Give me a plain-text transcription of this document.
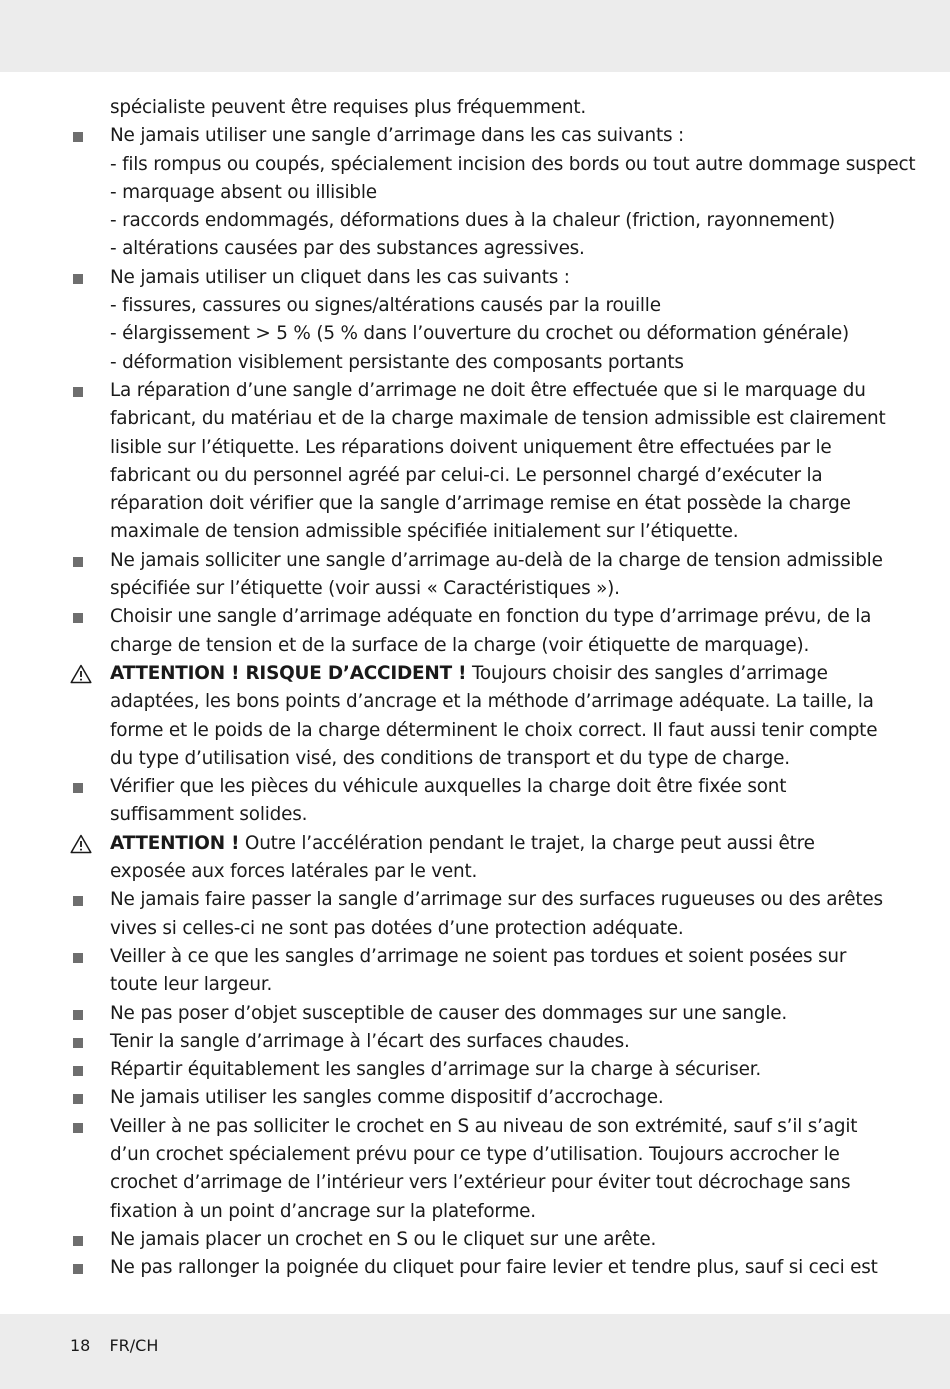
spécialiste peuvent être requises plus fréquemment.
Ne jamais utiliser une sangle d’arrimage dans les cas suivants :
- fils rompus ou coupés, spécialement incision des bords ou tout autre dommage suspect
- marquage absent ou illisible
- raccords endommagés, déformations dues à la chaleur (friction, rayonnement)
- altérations causées par des substances agressives.
Ne jamais utiliser un cliquet dans les cas suivants :
- fissures, cassures ou signes/altérations causés par la rouille
- élargissement > 5 % (5 % dans l’ouverture du crochet ou déformation générale)
- déformation visiblement persistante des composants portants
La réparation d’une sangle d’arrimage ne doit être effectuée que si le marquage du fabricant, du matériau et de la charge maximale de tension admissible est clairement lisible sur l’étiquette. Les réparations doivent uniquement être effectuées par le fabricant ou du personnel agréé par celui-ci. Le personnel chargé d’exécuter la réparation doit vérifier que la sangle d’arrimage remise en état possède la charge maximale de tension admissible spécifiée initialement sur l’étiquette.
Ne jamais solliciter une sangle d’arrimage au-delà de la charge de tension admissible spécifiée sur l’étiquette (voir aussi « Caractéristiques »).
Choisir une sangle d’arrimage adéquate en fonction du type d’arrimage prévu, de la charge de tension et de la surface de la charge (voir étiquette de marquage).
ATTENTION ! RISQUE D’ACCIDENT ! Toujours choisir des sangles d’arrimage adaptées, les bons points d’ancrage et la méthode d’arrimage adéquate. La taille, la forme et le poids de la charge déterminent le choix correct. Il faut aussi tenir compte du type d’utilisation visé, des conditions de transport et du type de charge.
Vérifier que les pièces du véhicule auxquelles la charge doit être fixée sont suffisamment solides.
ATTENTION ! Outre l’accélération pendant le trajet, la charge peut aussi être exposée aux forces latérales par le vent.
Ne jamais faire passer la sangle d’arrimage sur des surfaces rugueuses ou des arêtes vives si celles-ci ne sont pas dotées d’une protection adéquate.
Veiller à ce que les sangles d’arrimage ne soient pas tordues et soient posées sur toute leur largeur.
Ne pas poser d’objet susceptible de causer des dommages sur une sangle.
Tenir la sangle d’arrimage à l’écart des surfaces chaudes.
Répartir équitablement les sangles d’arrimage sur la charge à sécuriser.
Ne jamais utiliser les sangles comme dispositif d’accrochage.
Veiller à ne pas solliciter le crochet en S au niveau de son extrémité, sauf s’il s’agit d’un crochet spécialement prévu pour ce type d’utilisation. Toujours accrocher le crochet d’arrimage de l’intérieur vers l’extérieur pour éviter tout décrochage sans fixation à un point d’ancrage sur la plateforme.
Ne jamais placer un crochet en S ou le cliquet sur une arête.
Ne pas rallonger la poignée du cliquet pour faire levier et tendre plus, sauf si ceci est
18 FR/CH
